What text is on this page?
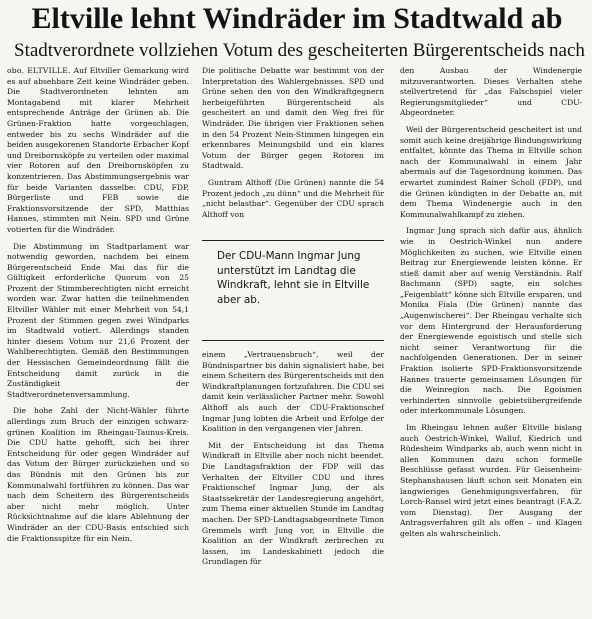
Eltville lehnt Windräder im Stadtwald ab
Stadtverordnete vollziehen Votum des gescheiterten Bürgerentscheids nach

obo. ELTVILLE. Auf Eltviller Gemarkung wird es auf absehbare Zeit keine Windräder geben. Die Stadtverordneten lehnten am Montagabend mit klarer Mehrheit entsprechende Anträge der Grünen ab. Die Grünen-Fraktion hatte vorgeschlagen, entweder bis zu sechs Windräder auf die beiden ausgekorenen Standorte Erbacher Kopf und Dreibornsköpfe zu verteilen oder maximal vier Rotoren auf den Dreibornsköpfen zu konzentrieren. Das Abstimmungsergebnis war für beide Varianten dasselbe: CDU, FDP, Bürgerliste und FEB sowie die Fraktionsvorsitzende der SPD, Matthias Hannes, stimmten mit Nein. SPD und Grüne votierten für die Windräder.

Die Abstimmung im Stadtparlament war notwendig geworden, nachdem bei einem Bürgerentscheid Ende Mai das für die Gültigkeit erforderliche Quorum von 25 Prozent der Stimmberechtigten nicht erreicht worden war. Zwar hatten die teilnehmenden Eltviller Wähler mit einer Mehrheit von 54,1 Prozent der Stimmen gegen zwei Windparks im Stadtwald votiert. Allerdings standen hinter diesem Votum nur 21,6 Prozent der Wahlberechtigten. Gemäß den Bestimmungen der Hessischen Gemeindeordnung fällt die Entscheidung damit zurück in die Zuständigkeit der Stadtverordnetenversammlung.

Die hohe Zahl der Nicht-Wähler führte allerdings zum Bruch der einzigen schwarz-grünen Koalition im Rheingau-Taunus-Kreis. Die CDU hatte gehofft, sich bei ihrer Entscheidung für oder gegen Windräder auf das Votum der Bürger zurückziehen und so das Bündnis mit den Grünen bis zur Kommunalwahl fortführen zu können. Das war nach dem Scheitern des Bürgerentscheids aber nicht mehr möglich. Unter Rücksichtnahme auf die klare Ablehnung der Windräder an der CDU-Basis entschied sich die Fraktionsspitze für ein Nein.

Die politische Debatte war bestimmt von der Interpretation des Wahlergebnisses. SPD und Grüne sehen den von den Windkraftgegnern herbeigeführten Bürgerentscheid als gescheitert an und damit den Weg frei für Windräder. Die übrigen vier Fraktionen sehen in den 54 Prozent Nein-Stimmen hingegen ein erkennbares Meinungsbild und ein klares Votum der Bürger gegen Rotoren im Stadtwald.

Guntram Althoff (Die Grünen) nannte die 54 Prozent jedoch „zu dünn“ und die Mehrheit für „nicht belastbar“. Gegenüber der CDU sprach Althoff von

Der CDU-Mann Ingmar Jung unterstützt im Landtag die Windkraft, lehnt sie in Eltville aber ab.

einem „Vertrauensbruch“, weil der Bündnispartner bis dahin signalisiert habe, bei einem Scheitern des Bürgerentscheids mit den Windkraftplanungen fortzufahren. Die CDU sei damit kein verlässlicher Partner mehr. Sowohl Althoff als auch der CDU-Fraktionschef Ingmar Jung lobten die Arbeit und Erfolge der Koalition in den vergangenen vier Jahren.

Mit der Entscheidung ist das Thema Windkraft in Eltville aber noch nicht beendet. Die Landtagsfraktion der FDP will das Verhalten der Eltviller CDU und ihres Fraktionschef Ingmar Jung, der als Staatssekretär der Landesregierung angehört, zum Thema einer aktuellen Stunde im Landtag machen. Der SPD-Landtagsabgeordnete Timon Gremmels wirft Jung vor, in Eltville die Koalition an der Windkraft zerbrechen zu lassen, im Landeskabinett jedoch die Grundlagen für

den Ausbau der Windenergie mitzuverantworten. Dieses Verhalten stehe stellvertretend für „das Falschspiel vieler Regierungsmitglieder“ und CDU-Abgeordneter.

Weil der Bürgerentscheid gescheitert ist und somit auch keine dreijährige Bindungswirkung entfaltet, könnte das Thema in Eltville schon nach der Kommunalwahl in einem Jahr abermals auf die Tagesordnung kommen. Das erwartet zumindest Rainer Scholl (FDP), und die Grünen kündigten in der Debatte an, mit dem Thema Windenergie auch in den Kommunalwahlkampf zu ziehen.

Ingmar Jung sprach sich dafür aus, ähnlich wie in Oestrich-Winkel nun andere Möglichkeiten zu suchen, wie Eltville einen Beitrag zur Energiewende leisten könne. Er stieß damit aber auf wenig Verständnis. Ralf Bachmann (SPD) sagte, ein solches „Feigenblatt“ könne sich Eltville ersparen, und Monika Fiala (Die Grünen) nannte das „Augenwischerei“. Der Rheingau verhalte sich vor dem Hintergrund der Herausforderung der Energiewende egoistisch und stelle sich nicht seiner Verantwortung für die nachfolgenden Generationen. Der in seiner Fraktion isolierte SPD-Fraktionsvorsitzende Hannes trauerte gemeinsamen Lösungen für die Weinregion nach. Die Egoismen verhinderten sinnvolle gebietsübergreifende oder interkommunale Lösungen.

Im Rheingau lehnen außer Eltville bislang auch Oestrich-Winkel, Walluf, Kiedrich und Rüdesheim Windparks ab, auch wenn nicht in allen Kommunen dazu schon formelle Beschlüsse gefasst wurden. Für Geisenheim-Stephanshausen läuft schon seit Monaten ein langwieriges Genehmigungsverfahren, für Lorch-Ransel wird jetzt eines beantragt (F.A.Z. vom Dienstag). Der Ausgang der Antragsverfahren gilt als offen – und Klagen gelten als wahrscheinlich.
